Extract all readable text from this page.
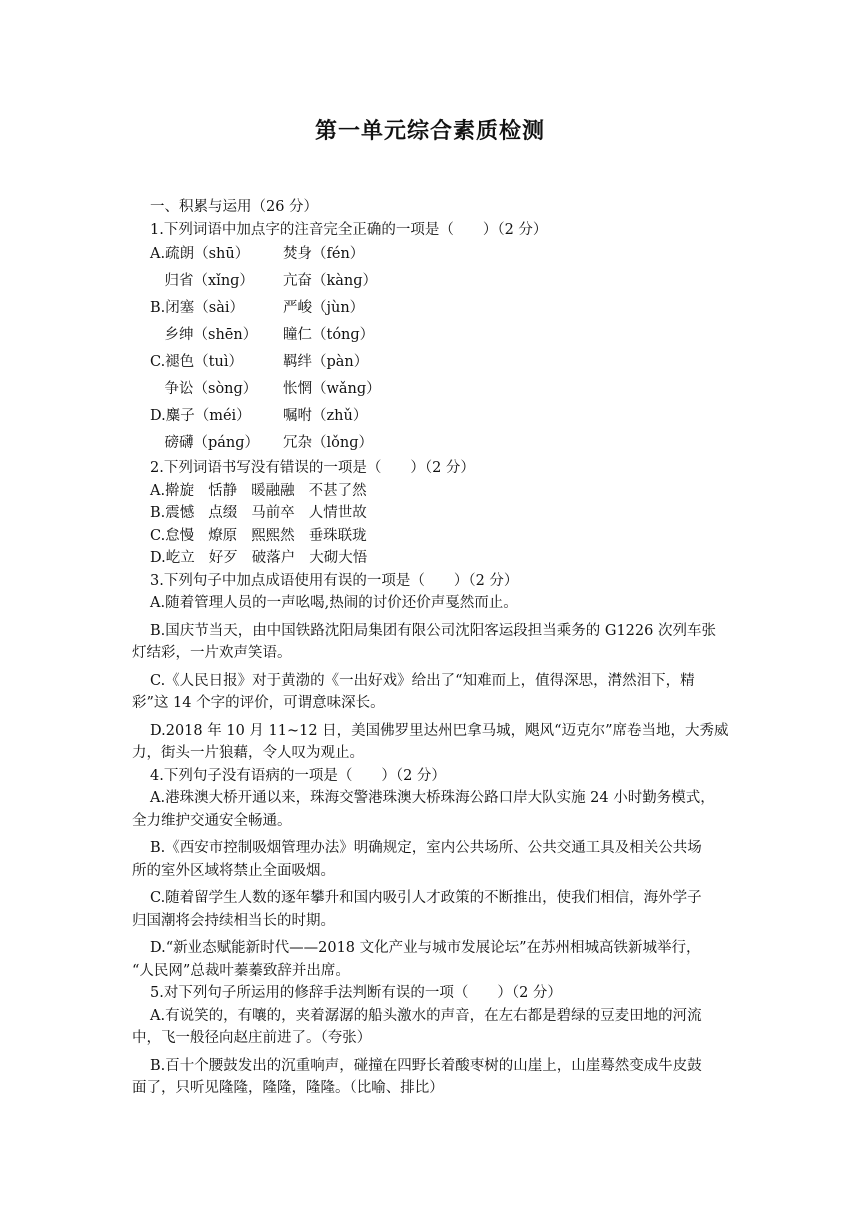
第一单元综合素质检测
一、积累与运用（26 分）
1.下列词语中加点字的注音完全正确的一项是（　　）（2 分）
A.疏朗（shū）	焚身（fén）
　归省（xǐnɡ）	亢奋（kànɡ）
B.闭塞（sài）	严峻（jùn）
　乡绅（shēn）	瞳仁（tónɡ）
C.褪色（tuì）	羁绊（pàn）
　争讼（sònɡ）	怅惘（wǎnɡ）
D.麋子（méi）	嘱咐（zhǔ）
　磅礴（pánɡ）	冗杂（lǒnɡ）
2.下列词语书写没有错误的一项是（　　）（2 分）
A.擀旋 恬静 暖融融 不甚了然
B.震憾 点缀 马前卒 人情世故
C.怠慢 燎原 熙熙然 垂珠联珑
D.屹立 好歹 破落户 大砌大悟
3.下列句子中加点成语使用有误的一项是（　　）（2 分）
A.随着管理人员的一声吆喝,热闹的讨价还价声戛然而止。
B.国庆节当天，由中国铁路沈阳局集团有限公司沈阳客运段担当乘务的 G1226 次列车张
灯结彩，一片欢声笑语。
C.《人民日报》对于黄渤的《一出好戏》给出了“知难而上，值得深思，潸然泪下，精
彩”这 14 个字的评价，可谓意味深长。
D.2018 年 10 月 11~12 日，美国佛罗里达州巴拿马城，飓风“迈克尔”席卷当地，大秀威
力，街头一片狼藉，令人叹为观止。
4.下列句子没有语病的一项是（　　）（2 分）
A.港珠澳大桥开通以来，珠海交警港珠澳大桥珠海公路口岸大队实施 24 小时勤务模式，
全力维护交通安全畅通。
B.《西安市控制吸烟管理办法》明确规定，室内公共场所、公共交通工具及相关公共场
所的室外区域将禁止全面吸烟。
C.随着留学生人数的逐年攀升和国内吸引人才政策的不断推出，使我们相信，海外学子
归国潮将会持续相当长的时期。
D.“新业态赋能新时代——2018 文化产业与城市发展论坛”在苏州相城高铁新城举行，
“人民网”总裁叶蓁蓁致辞并出席。
5.对下列句子所运用的修辞手法判断有误的一项（　　）（2 分）
A.有说笑的，有嚷的，夹着潺潺的船头激水的声音，在左右都是碧绿的豆麦田地的河流
中，飞一般径向赵庄前进了。（夸张）
B.百十个腰鼓发出的沉重响声，碰撞在四野长着酸枣树的山崖上，山崖蓦然变成牛皮鼓
面了，只听见隆隆，隆隆，隆隆。（比喻、排比）
